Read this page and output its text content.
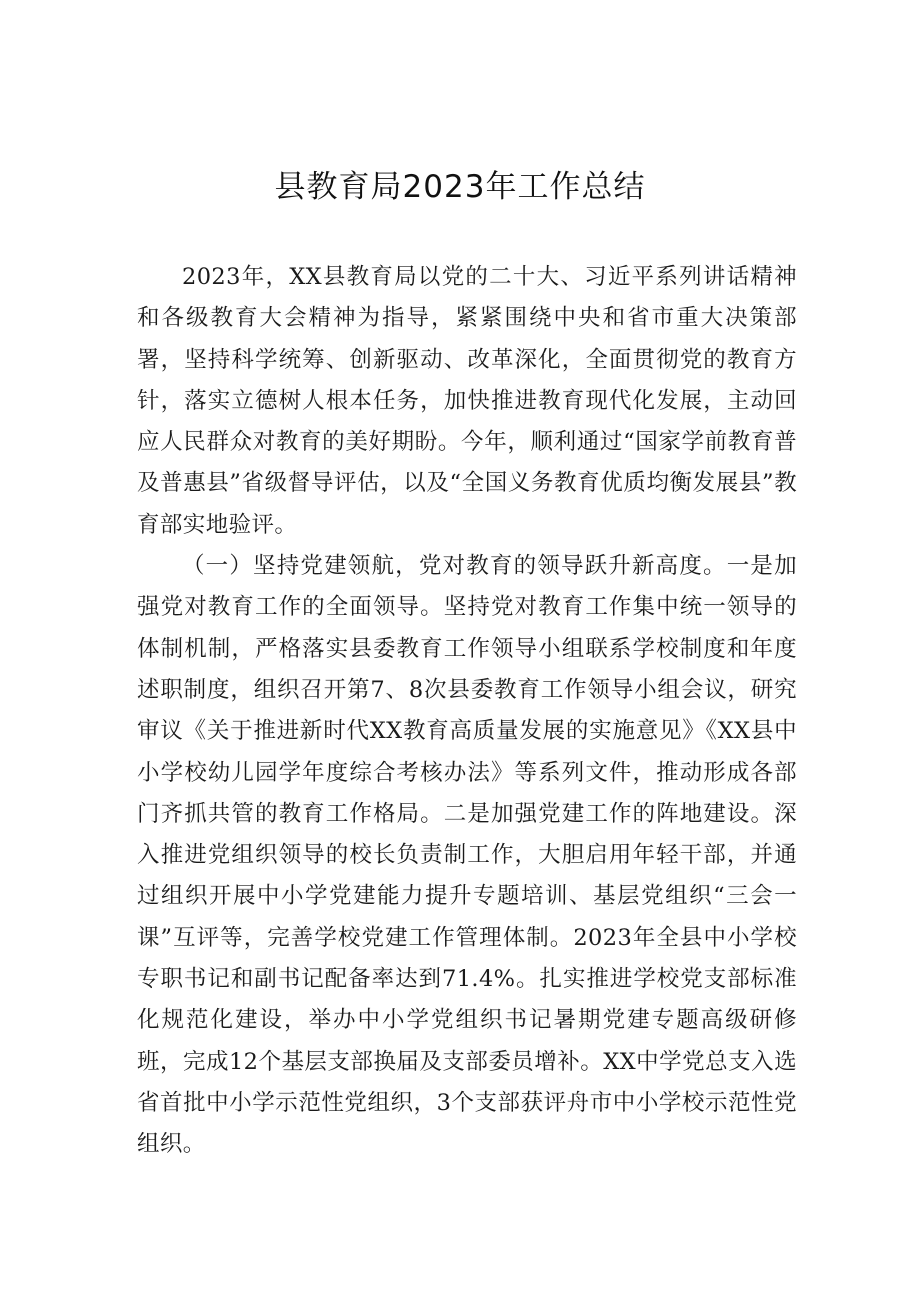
县教育局2023年工作总结

2023年，XX县教育局以党的二十大、习近平系列讲话精神和各级教育大会精神为指导，紧紧围绕中央和省市重大决策部署，坚持科学统筹、创新驱动、改革深化，全面贯彻党的教育方针，落实立德树人根本任务，加快推进教育现代化发展，主动回应人民群众对教育的美好期盼。今年，顺利通过“国家学前教育普及普惠县”省级督导评估，以及“全国义务教育优质均衡发展县”教育部实地验评。

（一）坚持党建领航，党对教育的领导跃升新高度。一是加强党对教育工作的全面领导。坚持党对教育工作集中统一领导的体制机制，严格落实县委教育工作领导小组联系学校制度和年度述职制度，组织召开第7、8次县委教育工作领导小组会议，研究审议《关于推进新时代XX教育高质量发展的实施意见》《XX县中小学校幼儿园学年度综合考核办法》等系列文件，推动形成各部门齐抓共管的教育工作格局。二是加强党建工作的阵地建设。深入推进党组织领导的校长负责制工作，大胆启用年轻干部，并通过组织开展中小学党建能力提升专题培训、基层党组织“三会一课”互评等，完善学校党建工作管理体制。2023年全县中小学校专职书记和副书记配备率达到71.4%。扎实推进学校党支部标准化规范化建设，举办中小学党组织书记暑期党建专题高级研修班，完成12个基层支部换届及支部委员增补。XX中学党总支入选省首批中小学示范性党组织，3个支部获评舟市中小学校示范性党组织。
